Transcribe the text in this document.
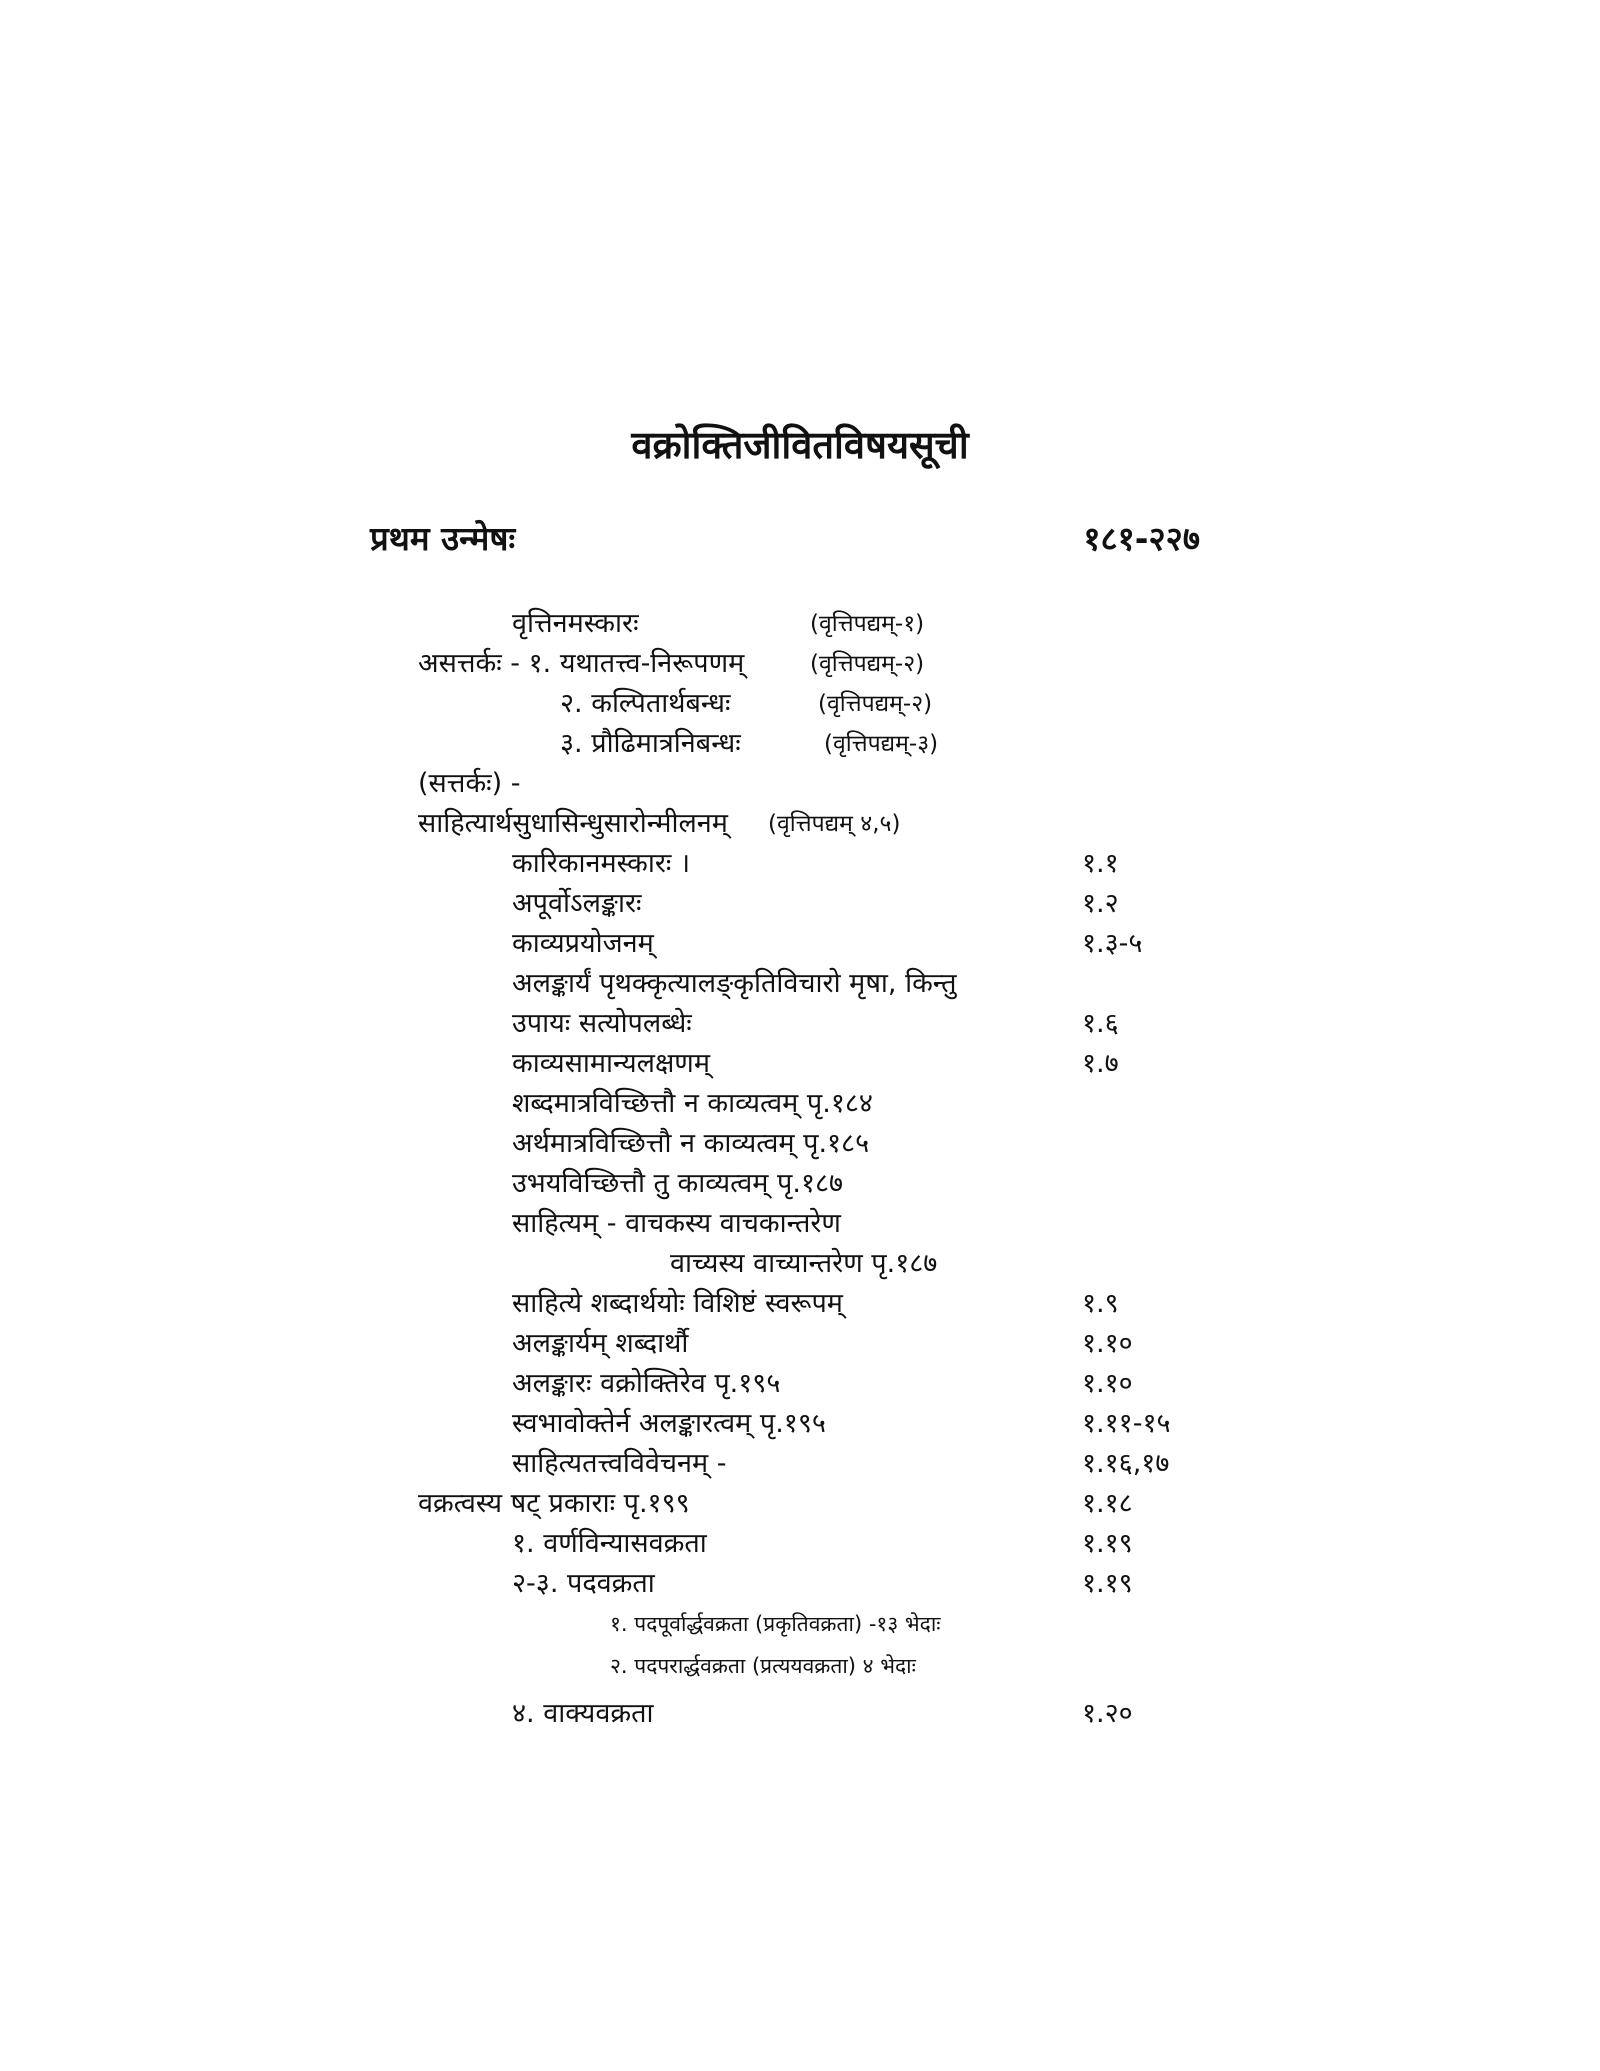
वक्रोक्तिजीवितविषयसूची
प्रथम उन्मेषः	१८१-२२७
वृत्तिनमस्कारः	(वृत्तिपद्यम्-१)
असत्तर्कः - १. यथातत्त्व-निरूपणम्	(वृत्तिपद्यम्-२)
२. कल्पितार्थबन्धः	(वृत्तिपद्यम्-२)
३. प्रौढिमात्रनिबन्धः	(वृत्तिपद्यम्-३)
(सत्तर्कः) -
साहित्यार्थसुधासिन्धुसारोन्मीलनम् (वृत्तिपद्यम् ४,५)
कारिकानमस्कारः ।	१.१
अपूर्वोऽलङ्कारः	१.२
काव्यप्रयोजनम्	१.३-५
अलङ्कार्यं पृथक्कृत्यालङ्कृतिविचारो मृषा, किन्तु
उपायः सत्योपलब्धेः	१.६
काव्यसामान्यलक्षणम्	१.७
शब्दमात्रविच्छित्तौ न काव्यत्वम् पृ.१८४
अर्थमात्रविच्छित्तौ न काव्यत्वम् पृ.१८५
उभयविच्छित्तौ तु काव्यत्वम् पृ.१८७
साहित्यम् - वाचकस्य वाचकान्तरेण
वाच्यस्य वाच्यान्तरेण पृ.१८७
साहित्ये शब्दार्थयोः विशिष्टं स्वरूपम्	१.९
अलङ्कार्यम् शब्दार्थौ	१.१०
अलङ्कारः वक्रोक्तिरेव पृ.१९५	१.१०
स्वभावोक्तेर्न अलङ्कारत्वम् पृ.१९५	१.११-१५
साहित्यतत्त्वविवेचनम् -	१.१६,१७
वक्रत्वस्य षट् प्रकाराः पृ.१९९	१.१८
१. वर्णविन्यासवक्रता	१.१९
२-३. पदवक्रता	१.१९
१. पदपूर्वार्द्धवक्रता (प्रकृतिवक्रता) -१३ भेदाः
२. पदपरार्द्धवक्रता (प्रत्ययवक्रता) ४ भेदाः
४. वाक्यवक्रता	१.२०
